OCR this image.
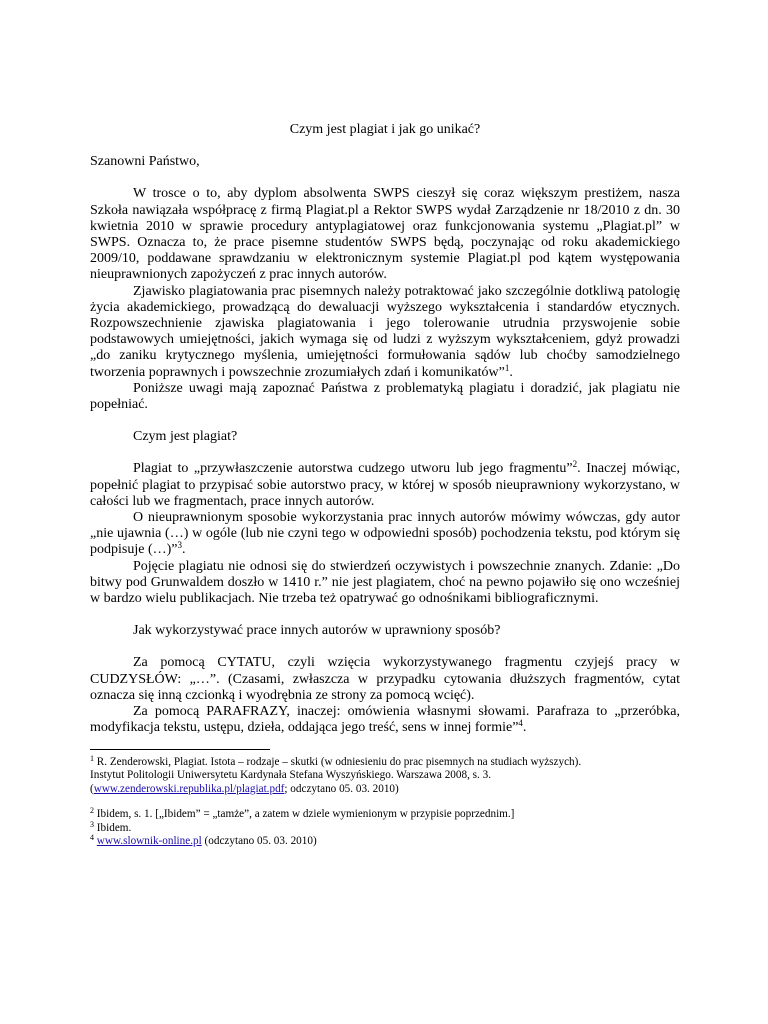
Czym jest plagiat i jak go unikać?
Szanowni Państwo,
W trosce o to, aby dyplom absolwenta SWPS cieszył się coraz większym prestiżem, nasza Szkoła nawiązała współpracę z firmą Plagiat.pl a Rektor SWPS wydał Zarządzenie nr 18/2010 z dn. 30 kwietnia 2010 w sprawie procedury antyplagiatowej oraz funkcjonowania systemu „Plagiat.pl” w SWPS. Oznacza to, że prace pisemne studentów SWPS będą, poczynając od roku akademickiego 2009/10, poddawane sprawdzaniu w elektronicznym systemie Plagiat.pl pod kątem występowania nieuprawnionych zapożyczeń z prac innych autorów.
Zjawisko plagiatowania prac pisemnych należy potraktować jako szczególnie dotkliwą patologię życia akademickiego, prowadzącą do dewaluacji wyższego wykształcenia i standardów etycznych. Rozpowszechnienie zjawiska plagiatowania i jego tolerowanie utrudnia przyswojenie sobie podstawowych umiejętności, jakich wymaga się od ludzi z wyższym wykształceniem, gdyż prowadzi „do zaniku krytycznego myślenia, umiejętności formułowania sądów lub choćby samodzielnego tworzenia poprawnych i powszechnie zrozumiałych zdań i komunikatów”$^1$.
Poniższe uwagi mają zapoznać Państwa z problematyką plagiatu i doradzić, jak plagiatu nie popełniać.
Czym jest plagiat?
Plagiat to „przywłaszczenie autorstwa cudzego utworu lub jego fragmentu”$^2$. Inaczej mówiąc, popełnić plagiat to przypisać sobie autorstwo pracy, w której w sposób nieuprawniony wykorzystano, w całości lub we fragmentach, prace innych autorów.
O nieuprawnionym sposobie wykorzystania prac innych autorów mówimy wówczas, gdy autor „nie ujawnia (…) w ogóle (lub nie czyni tego w odpowiedni sposób) pochodzenia tekstu, pod którym się podpisuje (…)”$^3$.
Pojęcie plagiatu nie odnosi się do stwierdzeń oczywistych i powszechnie znanych. Zdanie: „Do bitwy pod Grunwaldem doszło w 1410 r.” nie jest plagiatem, choć na pewno pojawiło się ono wcześniej w bardzo wielu publikacjach. Nie trzeba też opatrywać go odnośnikami bibliograficznymi.
Jak wykorzystywać prace innych autorów w uprawniony sposób?
Za pomocą CYTATU, czyli wzięcia wykorzystywanego fragmentu czyjejś pracy w CUDZYSŁÓW: „…”. (Czasami, zwłaszcza w przypadku cytowania dłuższych fragmentów, cytat oznacza się inną czcionką i wyodrębnia ze strony za pomocą wcięć).
Za pomocą PARAFRAZY, inaczej: omówienia własnymi słowami. Parafraza to „przeróbka, modyfikacja tekstu, ustępu, dzieła, oddająca jego treść, sens w innej formie”$^4$.
$^1$ R. Zenderowski, Plagiat. Istota – rodzaje – skutki (w odniesieniu do prac pisemnych na studiach wyższych).
Instytut Politologii Uniwersytetu Kardynała Stefana Wyszyńskiego. Warszawa 2008, s. 3.
(www.zenderowski.republika.pl/plagiat.pdf; odczytano 05. 03. 2010)
$^2$ Ibidem, s. 1. [„Ibidem” = „tamże”, a zatem w dziele wymienionym w przypisie poprzednim.]
$^3$ Ibidem.
$^4$ www.slownik-online.pl (odczytano 05. 03. 2010)
